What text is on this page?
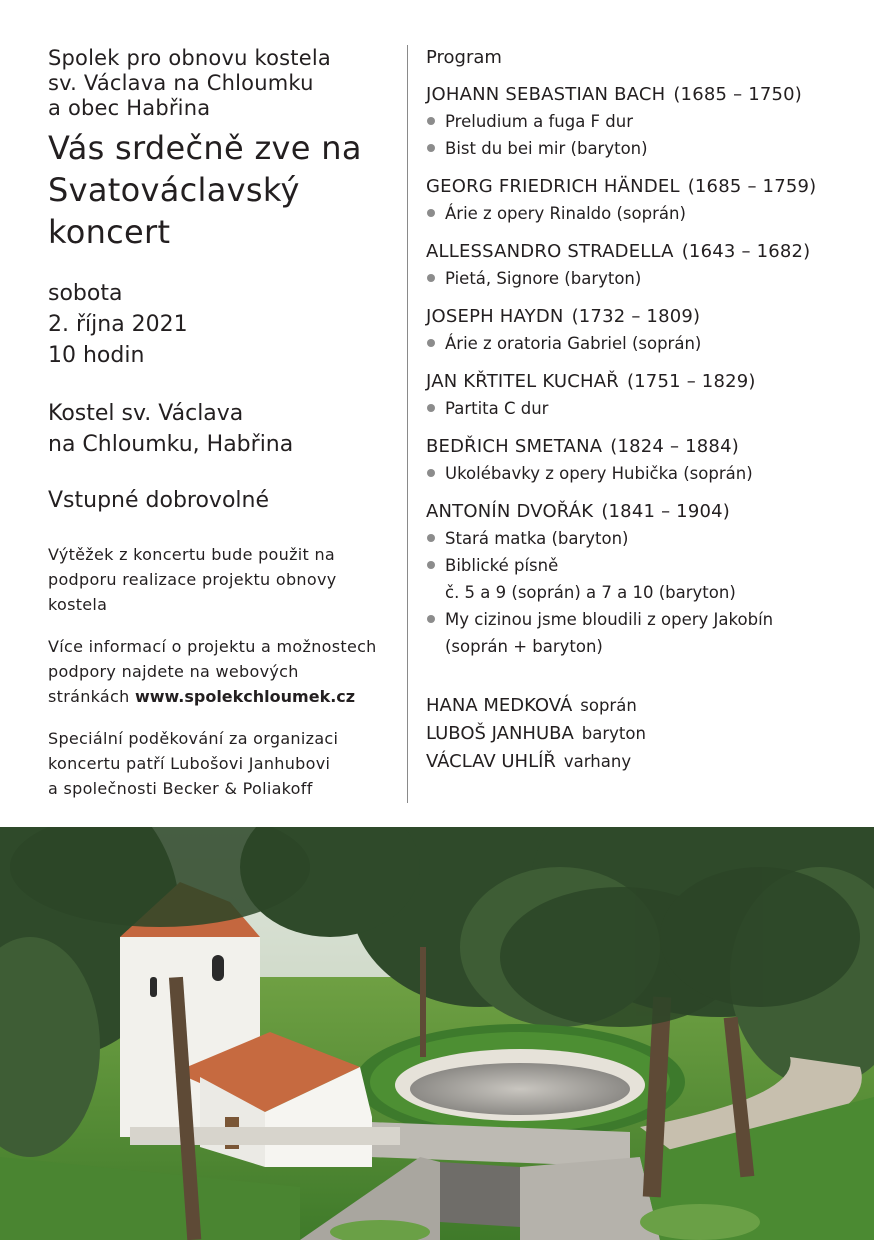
Spolek pro obnovu kostela
sv. Václava na Chloumku
a obec Habřina
Vás srdečně zve na
Svatováclavský
koncert
sobota
2. října 2021
10 hodin
Kostel sv. Václava
na Chloumku, Habřina
Vstupné dobrovolné
Výtěžek z koncertu bude použit na
podporu realizace projektu obnovy
kostela
Více informací o projektu a možnostech
podpory najdete na webových
stránkách www.spolekchloumek.cz
Speciální poděkování za organizaci
koncertu patří Lubošovi Janhubovi
a společnosti Becker & Poliakoff
Program
JOHANN SEBASTIAN BACH (1685 – 1750)
Preludium a fuga F dur
Bist du bei mir (baryton)
GEORG FRIEDRICH HÄNDEL (1685 – 1759)
Árie z opery Rinaldo (soprán)
ALLESSANDRO STRADELLA (1643 – 1682)
Pietá, Signore (baryton)
JOSEPH HAYDN (1732 – 1809)
Árie z oratoria Gabriel (soprán)
JAN KŘTITEL KUCHAŘ (1751 – 1829)
Partita C dur
BEDŘICH SMETANA (1824 – 1884)
Ukolébavky z opery Hubička (soprán)
ANTONÍN DVOŘÁK (1841 – 1904)
Stará matka (baryton)
Biblické písně
č. 5 a 9 (soprán) a 7 a 10 (baryton)
My cizinou jsme bloudili z opery Jakobín
(soprán + baryton)
HANA MEDKOVÁ soprán
LUBOŠ JANHUBA baryton
VÁCLAV UHLÍŘ varhany
